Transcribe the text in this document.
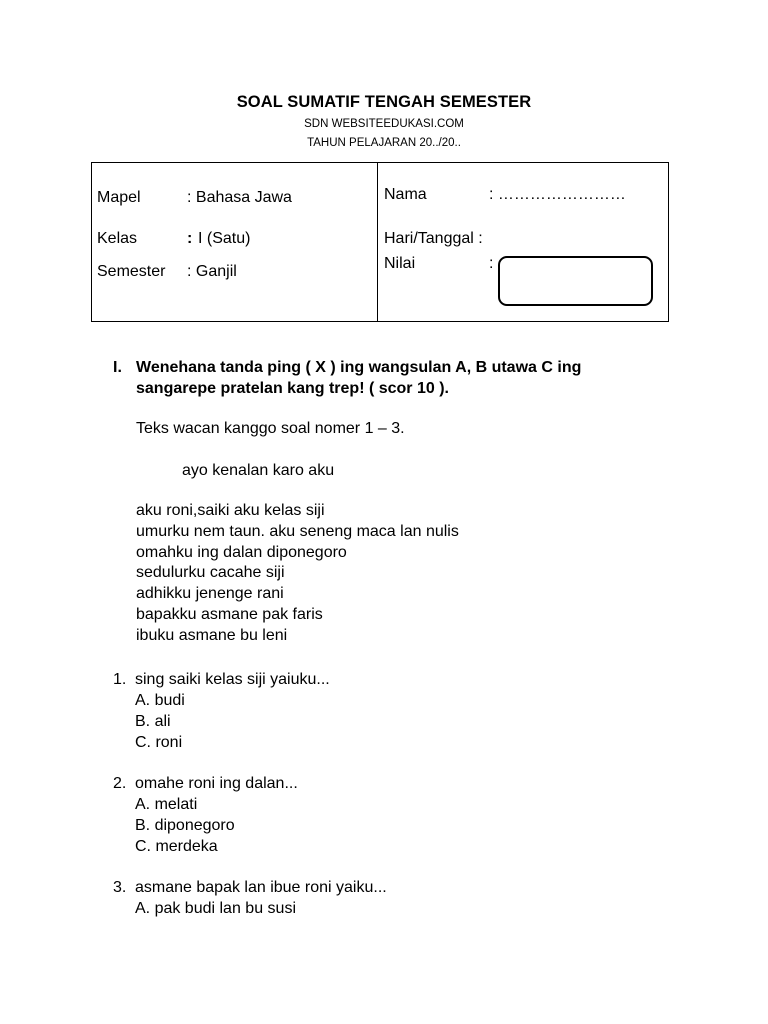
SOAL SUMATIF TENGAH SEMESTER
SDN WEBSITEEDUKASI.COM
TAHUN PELAJARAN 20../20..
Mapel	: Bahasa Jawa
Kelas	: I (Satu)
Semester : Ganjil
Nama	: ……………………
Hari/Tanggal :
Nilai	:
I. Wenehana tanda ping ( X ) ing wangsulan A, B utawa C ing sangarepe pratelan kang trep! ( scor 10 ).
Teks wacan kanggo soal nomer 1 – 3.
ayo kenalan karo aku
aku roni,saiki aku kelas siji
umurku nem taun. aku seneng maca lan nulis
omahku ing dalan diponegoro
sedulurku cacahe siji
adhikku jenenge rani
bapakku asmane pak faris
ibuku asmane bu leni
1. sing saiki kelas siji yaiuku...
A. budi
B. ali
C. roni
2. omahe roni ing dalan...
A. melati
B. diponegoro
C. merdeka
3. asmane bapak lan ibue roni yaiku...
A. pak budi lan bu susi
